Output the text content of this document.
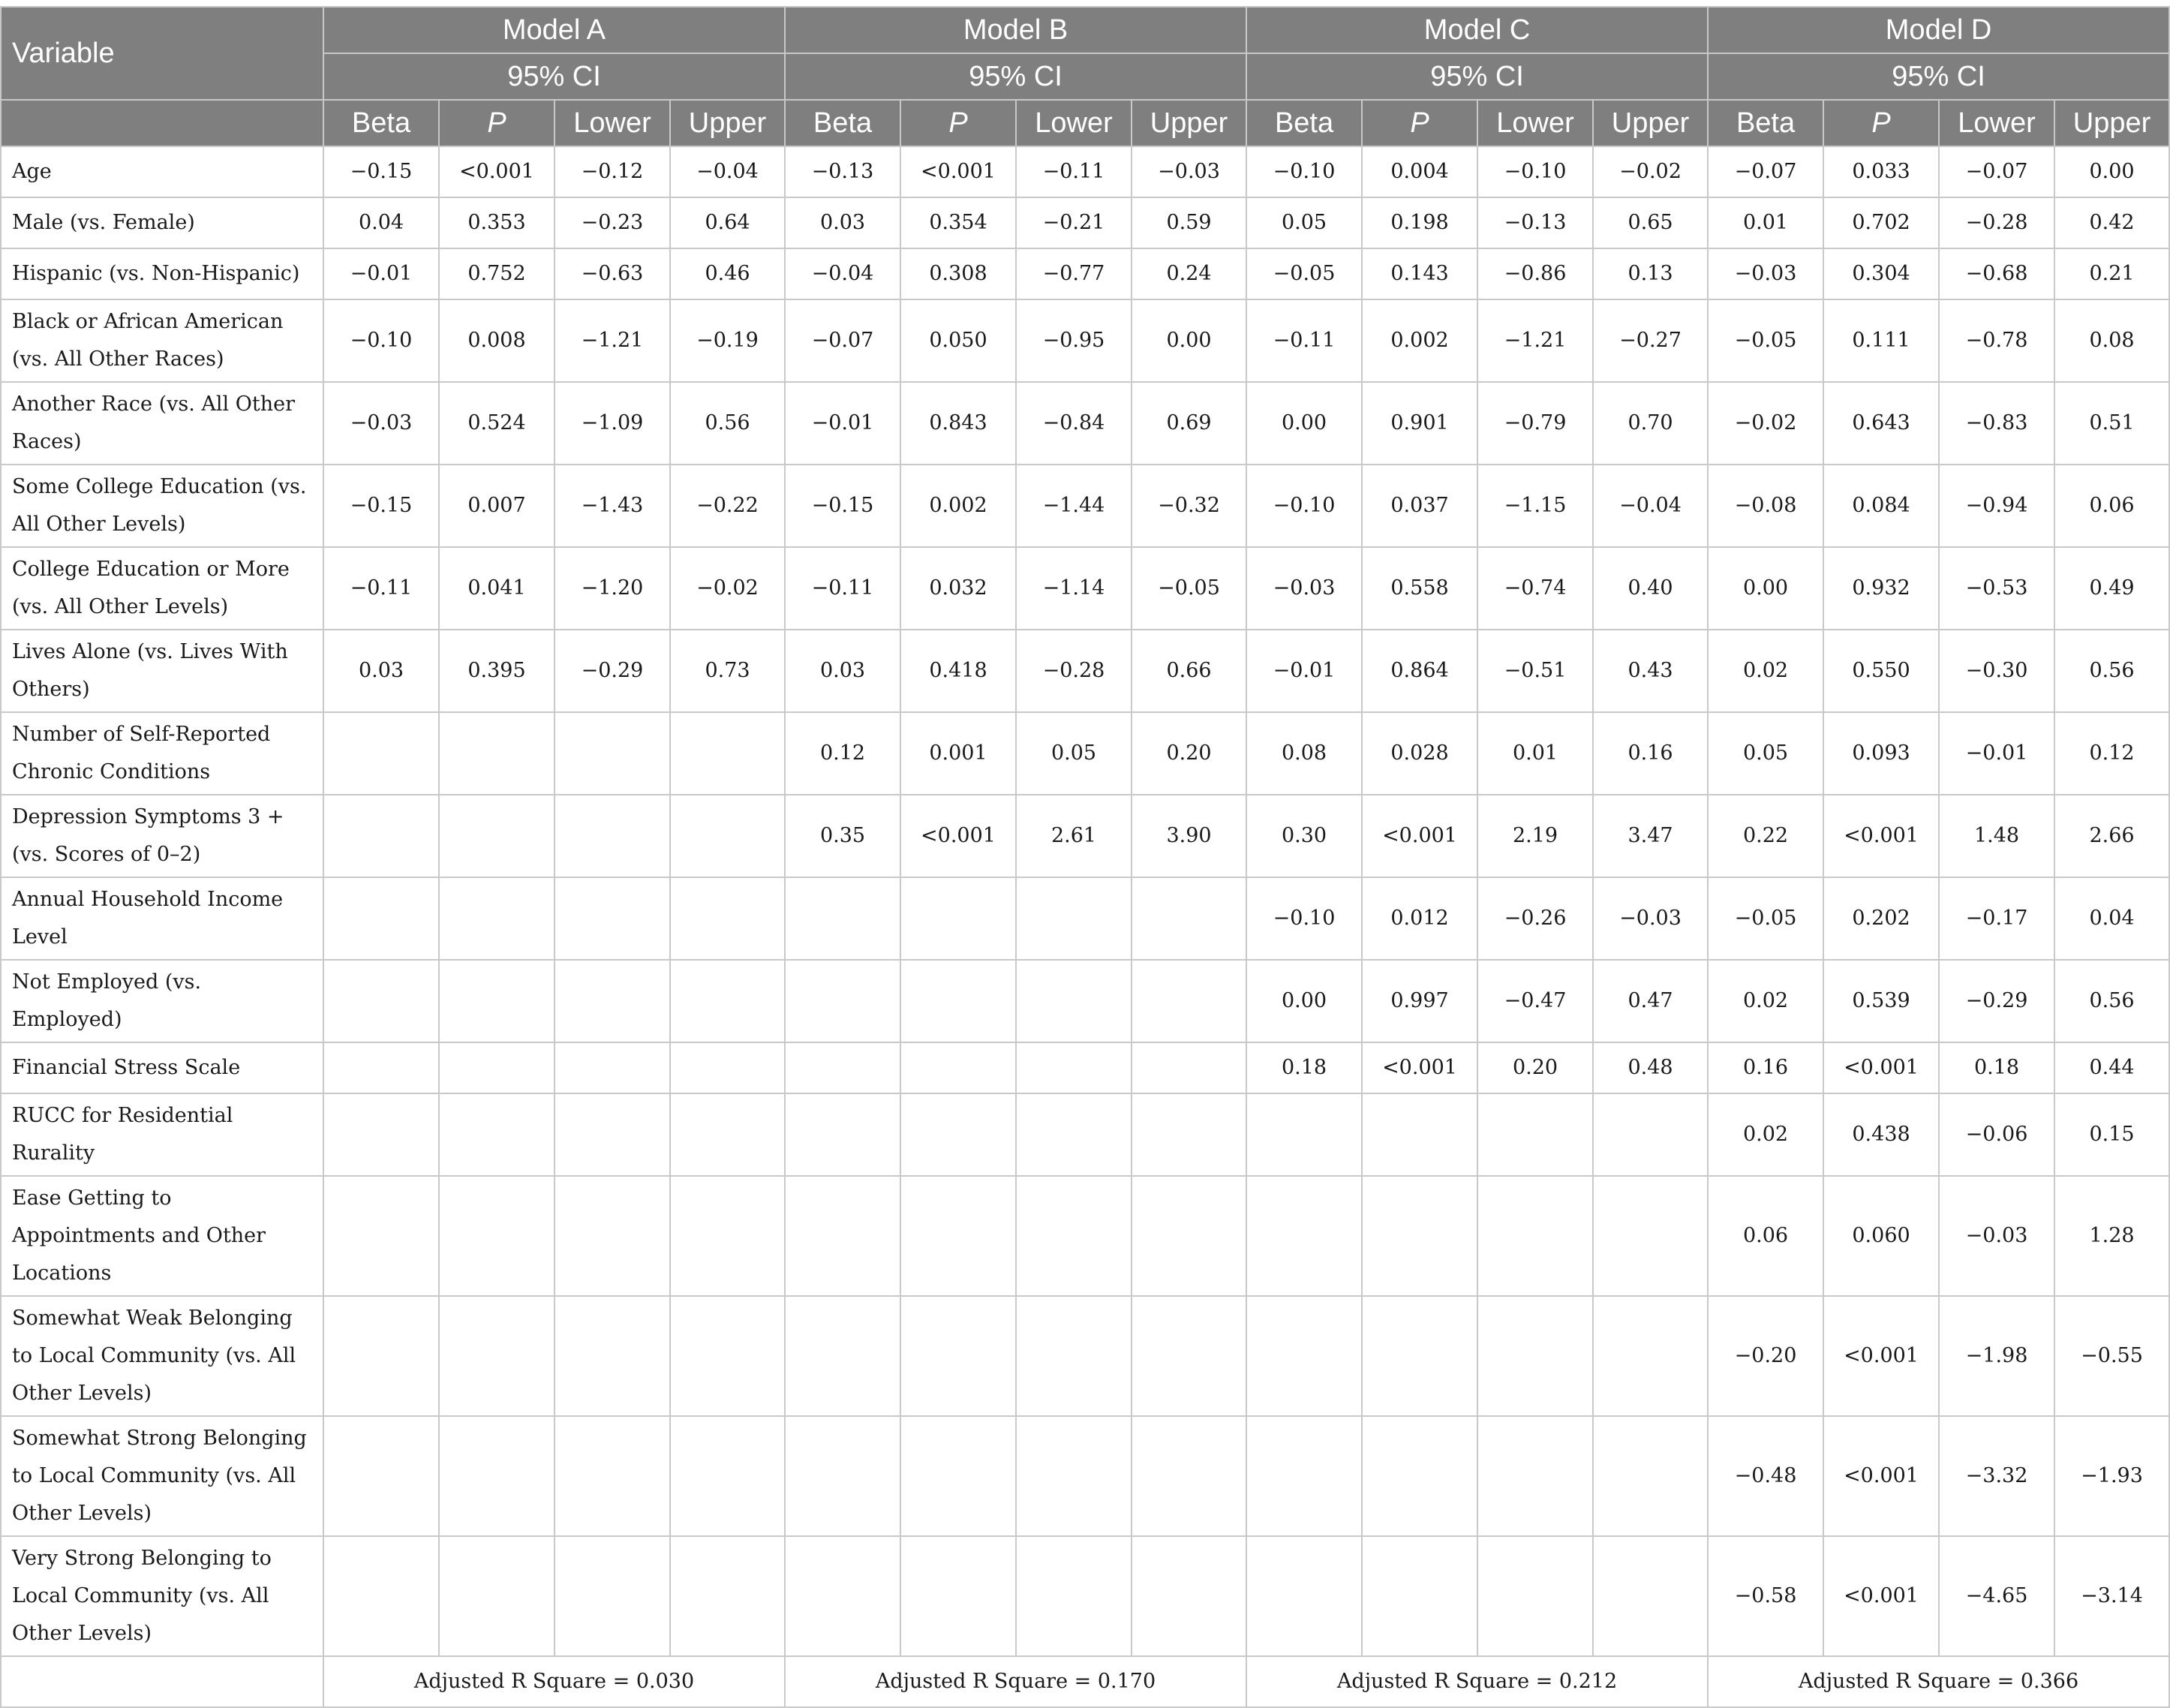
Variable	Model A				Model B				Model C				Model D			
	95% CI				95% CI				95% CI				95% CI			
	Beta	P	Lower	Upper	Beta	P	Lower	Upper	Beta	P	Lower	Upper	Beta	P	Lower	Upper
Age	−0.15	<0.001	−0.12	−0.04	−0.13	<0.001	−0.11	−0.03	−0.10	0.004	−0.10	−0.02	−0.07	0.033	−0.07	0.00
Male (vs. Female)	0.04	0.353	−0.23	0.64	0.03	0.354	−0.21	0.59	0.05	0.198	−0.13	0.65	0.01	0.702	−0.28	0.42
Hispanic (vs. Non-Hispanic)	−0.01	0.752	−0.63	0.46	−0.04	0.308	−0.77	0.24	−0.05	0.143	−0.86	0.13	−0.03	0.304	−0.68	0.21
Black or African American (vs. All Other Races)	−0.10	0.008	−1.21	−0.19	−0.07	0.050	−0.95	0.00	−0.11	0.002	−1.21	−0.27	−0.05	0.111	−0.78	0.08
Another Race (vs. All Other Races)	−0.03	0.524	−1.09	0.56	−0.01	0.843	−0.84	0.69	0.00	0.901	−0.79	0.70	−0.02	0.643	−0.83	0.51
Some College Education (vs. All Other Levels)	−0.15	0.007	−1.43	−0.22	−0.15	0.002	−1.44	−0.32	−0.10	0.037	−1.15	−0.04	−0.08	0.084	−0.94	0.06
College Education or More (vs. All Other Levels)	−0.11	0.041	−1.20	−0.02	−0.11	0.032	−1.14	−0.05	−0.03	0.558	−0.74	0.40	0.00	0.932	−0.53	0.49
Lives Alone (vs. Lives With Others)	0.03	0.395	−0.29	0.73	0.03	0.418	−0.28	0.66	−0.01	0.864	−0.51	0.43	0.02	0.550	−0.30	0.56
Number of Self-Reported Chronic Conditions					0.12	0.001	0.05	0.20	0.08	0.028	0.01	0.16	0.05	0.093	−0.01	0.12
Depression Symptoms 3 + (vs. Scores of 0–2)					0.35	<0.001	2.61	3.90	0.30	<0.001	2.19	3.47	0.22	<0.001	1.48	2.66
Annual Household Income Level									−0.10	0.012	−0.26	−0.03	−0.05	0.202	−0.17	0.04
Not Employed (vs. Employed)									0.00	0.997	−0.47	0.47	0.02	0.539	−0.29	0.56
Financial Stress Scale									0.18	<0.001	0.20	0.48	0.16	<0.001	0.18	0.44
RUCC for Residential Rurality													0.02	0.438	−0.06	0.15
Ease Getting to Appointments and Other Locations													0.06	0.060	−0.03	1.28
Somewhat Weak Belonging to Local Community (vs. All Other Levels)													−0.20	<0.001	−1.98	−0.55
Somewhat Strong Belonging to Local Community (vs. All Other Levels)													−0.48	<0.001	−3.32	−1.93
Very Strong Belonging to Local Community (vs. All Other Levels)													−0.58	<0.001	−4.65	−3.14
	Adjusted R Square = 0.030				Adjusted R Square = 0.170				Adjusted R Square = 0.212				Adjusted R Square = 0.366			
